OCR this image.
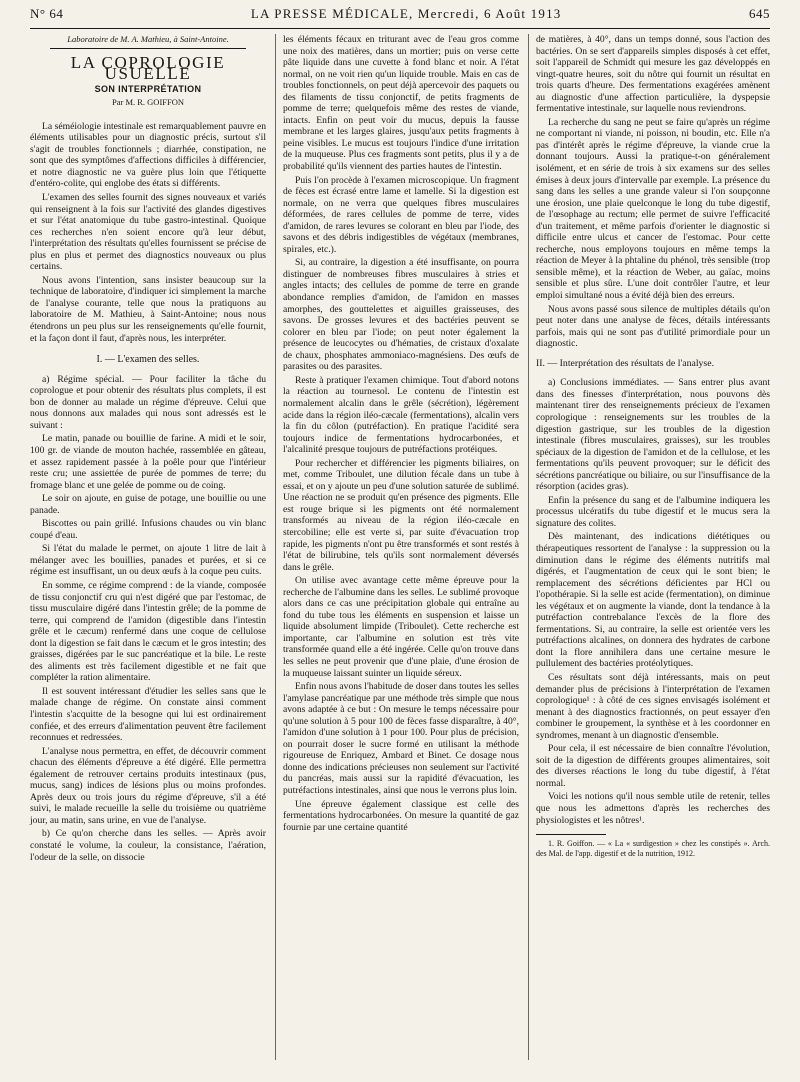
N° 64	LA PRESSE MÉDICALE, Mercredi, 6 Août 1913	645

Laboratoire de M. A. Mathieu, à Saint-Antoine.

LA COPROLOGIE USUELLE
SON INTERPRÉTATION
Par M. R. GOIFFON

La séméiologie intestinale est remarquablement pauvre en éléments utilisables pour un diagnostic précis, surtout s'il s'agit de troubles fonctionnels ; diarrhée, constipation, ne sont que des symptômes d'affections difficiles à différencier, et notre diagnostic ne va guère plus loin que l'étiquette d'entéro-colite, qui englobe des états si différents.

L'examen des selles fournit des signes nouveaux et variés qui renseignent à la fois sur l'activité des glandes digestives et sur l'état anatomique du tube gastro-intestinal. Quoique ces recherches n'en soient encore qu'à leur début, l'interprétation des résultats qu'elles fournissent se précise de plus en plus et permet des diagnostics nouveaux ou plus certains.

Nous avons l'intention, sans insister beaucoup sur la technique de laboratoire, d'indiquer ici simplement la marche de l'analyse courante, telle que nous la pratiquons au laboratoire de M. Mathieu, à Saint-Antoine; nous nous étendrons un peu plus sur les renseignements qu'elle fournit, et la façon dont il faut, d'après nous, les interpréter.

I. — L'examen des selles.

a) Régime spécial. — Pour faciliter la tâche du coprologue et pour obtenir des résultats plus complets, il est bon de donner au malade un régime d'épreuve. Celui que nous donnons aux malades qui nous sont adressés est le suivant :

Le matin, panade ou bouillie de farine. A midi et le soir, 100 gr. de viande de mouton hachée, rassemblée en gâteau, et assez rapidement passée à la poêle pour que l'intérieur reste cru; une assiettée de purée de pommes de terre; du fromage blanc et une gelée de pomme ou de coing.

Le soir on ajoute, en guise de potage, une bouillie ou une panade.

Biscottes ou pain grillé. Infusions chaudes ou vin blanc coupé d'eau.

Si l'état du malade le permet, on ajoute 1 litre de lait à mélanger avec les bouillies, panades et purées, et si ce régime est insuffisant, un ou deux œufs à la coque peu cuits.

En somme, ce régime comprend : de la viande, composée de tissu conjonctif cru qui n'est digéré que par l'estomac, de tissu musculaire digéré dans l'intestin grêle; de la pomme de terre, qui comprend de l'amidon (digestible dans l'intestin grêle et le cæcum) renfermé dans une coque de cellulose dont la digestion se fait dans le cæcum et le gros intestin; des graisses, digérées par le suc pancréatique et la bile. Le reste des aliments est très facilement digestible et ne fait que compléter la ration alimentaire.

Il est souvent intéressant d'étudier les selles sans que le malade change de régime. On constate ainsi comment l'intestin s'acquitte de la besogne qui lui est ordinairement confiée, et des erreurs d'alimentation peuvent être facilement reconnues et redressées.

L'analyse nous permettra, en effet, de découvrir comment chacun des éléments d'épreuve a été digéré. Elle permettra également de retrouver certains produits intestinaux (pus, mucus, sang) indices de lésions plus ou moins profondes. Après deux ou trois jours du régime d'épreuve, s'il a été suivi, le malade recueille la selle du troisième ou quatrième jour, au matin, sans urine, en vue de l'analyse.

b) Ce qu'on cherche dans les selles. — Après avoir constaté le volume, la couleur, la consistance, l'aération, l'odeur de la selle, on dissocie

les éléments fécaux en triturant avec de l'eau gros comme une noix des matières, dans un mortier; puis on verse cette pâte liquide dans une cuvette à fond blanc et noir. A l'état normal, on ne voit rien qu'un liquide trouble. Mais en cas de troubles fonctionnels, on peut déjà apercevoir des paquets ou des filaments de tissu conjonctif, de petits fragments de pomme de terre; quelquefois même des restes de viande, intacts. Enfin on peut voir du mucus, depuis la fausse membrane et les larges glaires, jusqu'aux petits fragments à peine visibles. Le mucus est toujours l'indice d'une irritation de la muqueuse. Plus ces fragments sont petits, plus il y a de probabilité qu'ils viennent des parties hautes de l'intestin.

Puis l'on procède à l'examen microscopique. Un fragment de fèces est écrasé entre lame et lamelle. Si la digestion est normale, on ne verra que quelques fibres musculaires déformées, de rares cellules de pomme de terre, vides d'amidon, de rares levures se colorant en bleu par l'iode, des savons et des débris indigestibles de végétaux (membranes, spirales, etc.).

Si, au contraire, la digestion a été insuffisante, on pourra distinguer de nombreuses fibres musculaires à stries et angles intacts; des cellules de pomme de terre en grande abondance remplies d'amidon, de l'amidon en masses amorphes, des gouttelettes et aiguilles graisseuses, des savons. De grosses levures et des bactéries peuvent se colorer en bleu par l'iode; on peut noter également la présence de leucocytes ou d'hématies, de cristaux d'oxalate de chaux, phosphates ammoniaco-magnésiens. Des œufs de parasites ou des parasites.

Reste à pratiquer l'examen chimique. Tout d'abord notons la réaction au tournesol. Le contenu de l'intestin est normalement alcalin dans le grêle (sécrétion), légèrement acide dans la région iléo-cæcale (fermentations), alcalin vers la fin du côlon (putréfaction). En pratique l'acidité sera toujours indice de fermentations hydrocarbonées, et l'alcalinité presque toujours de putréfactions protéiques.

Pour rechercher et différencier les pigments biliaires, on met, comme Triboulet, une dilution fécale dans un tube à essai, et on y ajoute un peu d'une solution saturée de sublimé. Une réaction ne se produit qu'en présence des pigments. Elle est rouge brique si les pigments ont été normalement transformés au niveau de la région iléo-cæcale en stercobiline; elle est verte si, par suite d'évacuation trop rapide, les pigments n'ont pu être transformés et sont restés à l'état de bilirubine, tels qu'ils sont normalement déversés dans le grêle.

On utilise avec avantage cette même épreuve pour la recherche de l'albumine dans les selles. Le sublimé provoque alors dans ce cas une précipitation globale qui entraîne au fond du tube tous les éléments en suspension et laisse un liquide absolument limpide (Triboulet). Cette recherche est importante, car l'albumine en solution est très vite transformée quand elle a été ingérée. Celle qu'on trouve dans les selles ne peut provenir que d'une plaie, d'une érosion de la muqueuse laissant suinter un liquide séreux.

Enfin nous avons l'habitude de doser dans toutes les selles l'amylase pancréatique par une méthode très simple que nous avons adaptée à ce but : On mesure le temps nécessaire pour qu'une solution à 5 pour 100 de fèces fasse disparaître, à 40°, l'amidon d'une solution à 1 pour 100. Pour plus de précision, on pourrait doser le sucre formé en utilisant la méthode rigoureuse de Enriquez, Ambard et Binet. Ce dosage nous donne des indications précieuses non seulement sur l'activité du pancréas, mais aussi sur la rapidité d'évacuation, les putréfactions intestinales, ainsi que nous le verrons plus loin.

Une épreuve également classique est celle des fermentations hydrocarbonées. On mesure la quantité de gaz fournie par une certaine quantité

de matières, à 40°, dans un temps donné, sous l'action des bactéries. On se sert d'appareils simples disposés à cet effet, soit l'appareil de Schmidt qui mesure les gaz développés en vingt-quatre heures, soit du nôtre qui fournit un résultat en trois quarts d'heure. Des fermentations exagérées amènent au diagnostic d'une affection particulière, la dyspepsie fermentative intestinale, sur laquelle nous reviendrons.

La recherche du sang ne peut se faire qu'après un régime ne comportant ni viande, ni poisson, ni boudin, etc. Elle n'a pas d'intérêt après le régime d'épreuve, la viande crue la donnant toujours. Aussi la pratique-t-on généralement isolément, et en série de trois à six examens sur des selles émises à deux jours d'intervalle par exemple. La présence du sang dans les selles a une grande valeur si l'on soupçonne une érosion, une plaie quelconque le long du tube digestif, de l'œsophage au rectum; elle permet de suivre l'efficacité d'un traitement, et même parfois d'orienter le diagnostic si difficile entre ulcus et cancer de l'estomac. Pour cette recherche, nous employons toujours en même temps la réaction de Meyer à la phtaline du phénol, très sensible (trop sensible même), et la réaction de Weber, au gaïac, moins sensible et plus sûre. L'une doit contrôler l'autre, et leur emploi simultané nous a évité déjà bien des erreurs.

Nous avons passé sous silence de multiples détails qu'on peut noter dans une analyse de fèces, détails intéressants parfois, mais qui ne sont pas d'utilité primordiale pour un diagnostic.

II. — Interprétation des résultats de l'analyse.

a) Conclusions immédiates. — Sans entrer plus avant dans des finesses d'interprétation, nous pouvons dès maintenant tirer des renseignements précieux de l'examen coprologique : renseignements sur les troubles de la digestion gastrique, sur les troubles de la digestion intestinale (fibres musculaires, graisses), sur les troubles spéciaux de la digestion de l'amidon et de la cellulose, et les fermentations qu'ils peuvent provoquer; sur le déficit des sécrétions pancréatique ou biliaire, ou sur l'insuffisance de la résorption (acides gras).

Enfin la présence du sang et de l'albumine indiquera les processus ulcératifs du tube digestif et le mucus sera la signature des colites.

Dès maintenant, des indications diététiques ou thérapeutiques ressortent de l'analyse : la suppression ou la diminution dans le régime des éléments nutritifs mal digérés, et l'augmentation de ceux qui le sont bien; le remplacement des sécrétions déficientes par HCl ou l'opothérapie. Si la selle est acide (fermentation), on diminue les végétaux et on augmente la viande, dont la tendance à la putréfaction contrebalance l'excès de la flore des fermentations. Si, au contraire, la selle est orientée vers les putréfactions alcalines, on donnera des hydrates de carbone dont la flore annihilera dans une certaine mesure le pullulement des bactéries protéolytiques.

Ces résultats sont déjà intéressants, mais on peut demander plus de précisions à l'interprétation de l'examen coprologique¹ : à côté de ces signes envisagés isolément et menant à des diagnostics fractionnés, on peut essayer d'en combiner le groupement, la synthèse et à les coordonner en syndromes, menant à un diagnostic d'ensemble.

Pour cela, il est nécessaire de bien connaître l'évolution, soit de la digestion de différents groupes alimentaires, soit des diverses réactions le long du tube digestif, à l'état normal.

Voici les notions qu'il nous semble utile de retenir, telles que nous les admettons d'après les recherches des physiologistes et les nôtres¹.

1. R. Goiffon. — « La « surdigestion » chez les constipés ». Arch. des Mal. de l'app. digestif et de la nutrition, 1912.
